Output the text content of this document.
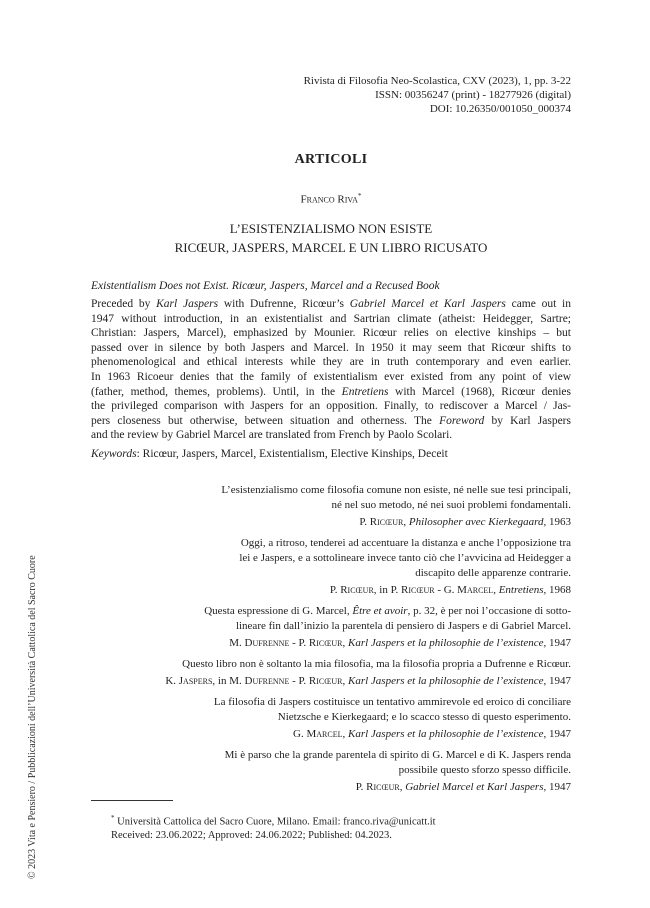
© 2023 Vita e Pensiero / Pubblicazioni dell’Università Cattolica del Sacro Cuore
Rivista di Filosofia Neo-Scolastica, CXV (2023), 1, pp. 3-22
ISSN: 00356247 (print) - 18277926 (digital)
DOI: 10.26350/001050_000374
ARTICOLI
Franco Riva*
L’ESISTENZIALISMO NON ESISTE
RICŒUR, JASPERS, MARCEL E UN LIBRO RICUSATO
Existentialism Does not Exist. Ricœur, Jaspers, Marcel and a Recused Book
Preceded by Karl Jaspers with Dufrenne, Ricœur’s Gabriel Marcel et Karl Jaspers came out in
1947 without introduction, in an existentialist and Sartrian climate (atheist: Heidegger, Sartre;
Christian: Jaspers, Marcel), emphasized by Mounier. Ricœur relies on elective kinships – but
passed over in silence by both Jaspers and Marcel. In 1950 it may seem that Ricœur shifts to
phenomenological and ethical interests while they are in truth contemporary and even earlier.
In 1963 Ricoeur denies that the family of existentialism ever existed from any point of view
(father, method, themes, problems). Until, in the Entretiens with Marcel (1968), Ricœur denies
the privileged comparison with Jaspers for an opposition. Finally, to rediscover a Marcel / Jas-
pers closeness but otherwise, between situation and otherness. The Foreword by Karl Jaspers
and the review by Gabriel Marcel are translated from French by Paolo Scolari.
Keywords: Ricœur, Jaspers, Marcel, Existentialism, Elective Kinships, Deceit
L’esistenzialismo come filosofia comune non esiste, né nelle sue tesi principali,
né nel suo metodo, né nei suoi problemi fondamentali.
P. Ricœur, Philosopher avec Kierkegaard, 1963
Oggi, a ritroso, tenderei ad accentuare la distanza e anche l’opposizione tra
lei e Jaspers, e a sottolineare invece tanto ciò che l’avvicina ad Heidegger a
discapito delle apparenze contrarie.
P. Ricœur, in P. Ricœur - G. Marcel, Entretiens, 1968
Questa espressione di G. Marcel, Être et avoir, p. 32, è per noi l’occasione di sotto-
lineare fin dall’inizio la parentela di pensiero di Jaspers e di Gabriel Marcel.
M. Dufrenne - P. Ricœur, Karl Jaspers et la philosophie de l’existence, 1947
Questo libro non è soltanto la mia filosofia, ma la filosofia propria a Dufrenne e Ricœur.
K. Jaspers, in M. Dufrenne - P. Ricœur, Karl Jaspers et la philosophie de l’existence, 1947
La filosofia di Jaspers costituisce un tentativo ammirevole ed eroico di conciliare
Nietzsche e Kierkegaard; e lo scacco stesso di questo esperimento.
G. Marcel, Karl Jaspers et la philosophie de l’existence, 1947
Mi è parso che la grande parentela di spirito di G. Marcel e di K. Jaspers renda
possibile questo sforzo spesso difficile.
P. Ricœur, Gabriel Marcel et Karl Jaspers, 1947
* Università Cattolica del Sacro Cuore, Milano. Email: franco.riva@unicatt.it
Received: 23.06.2022; Approved: 24.06.2022; Published: 04.2023.
